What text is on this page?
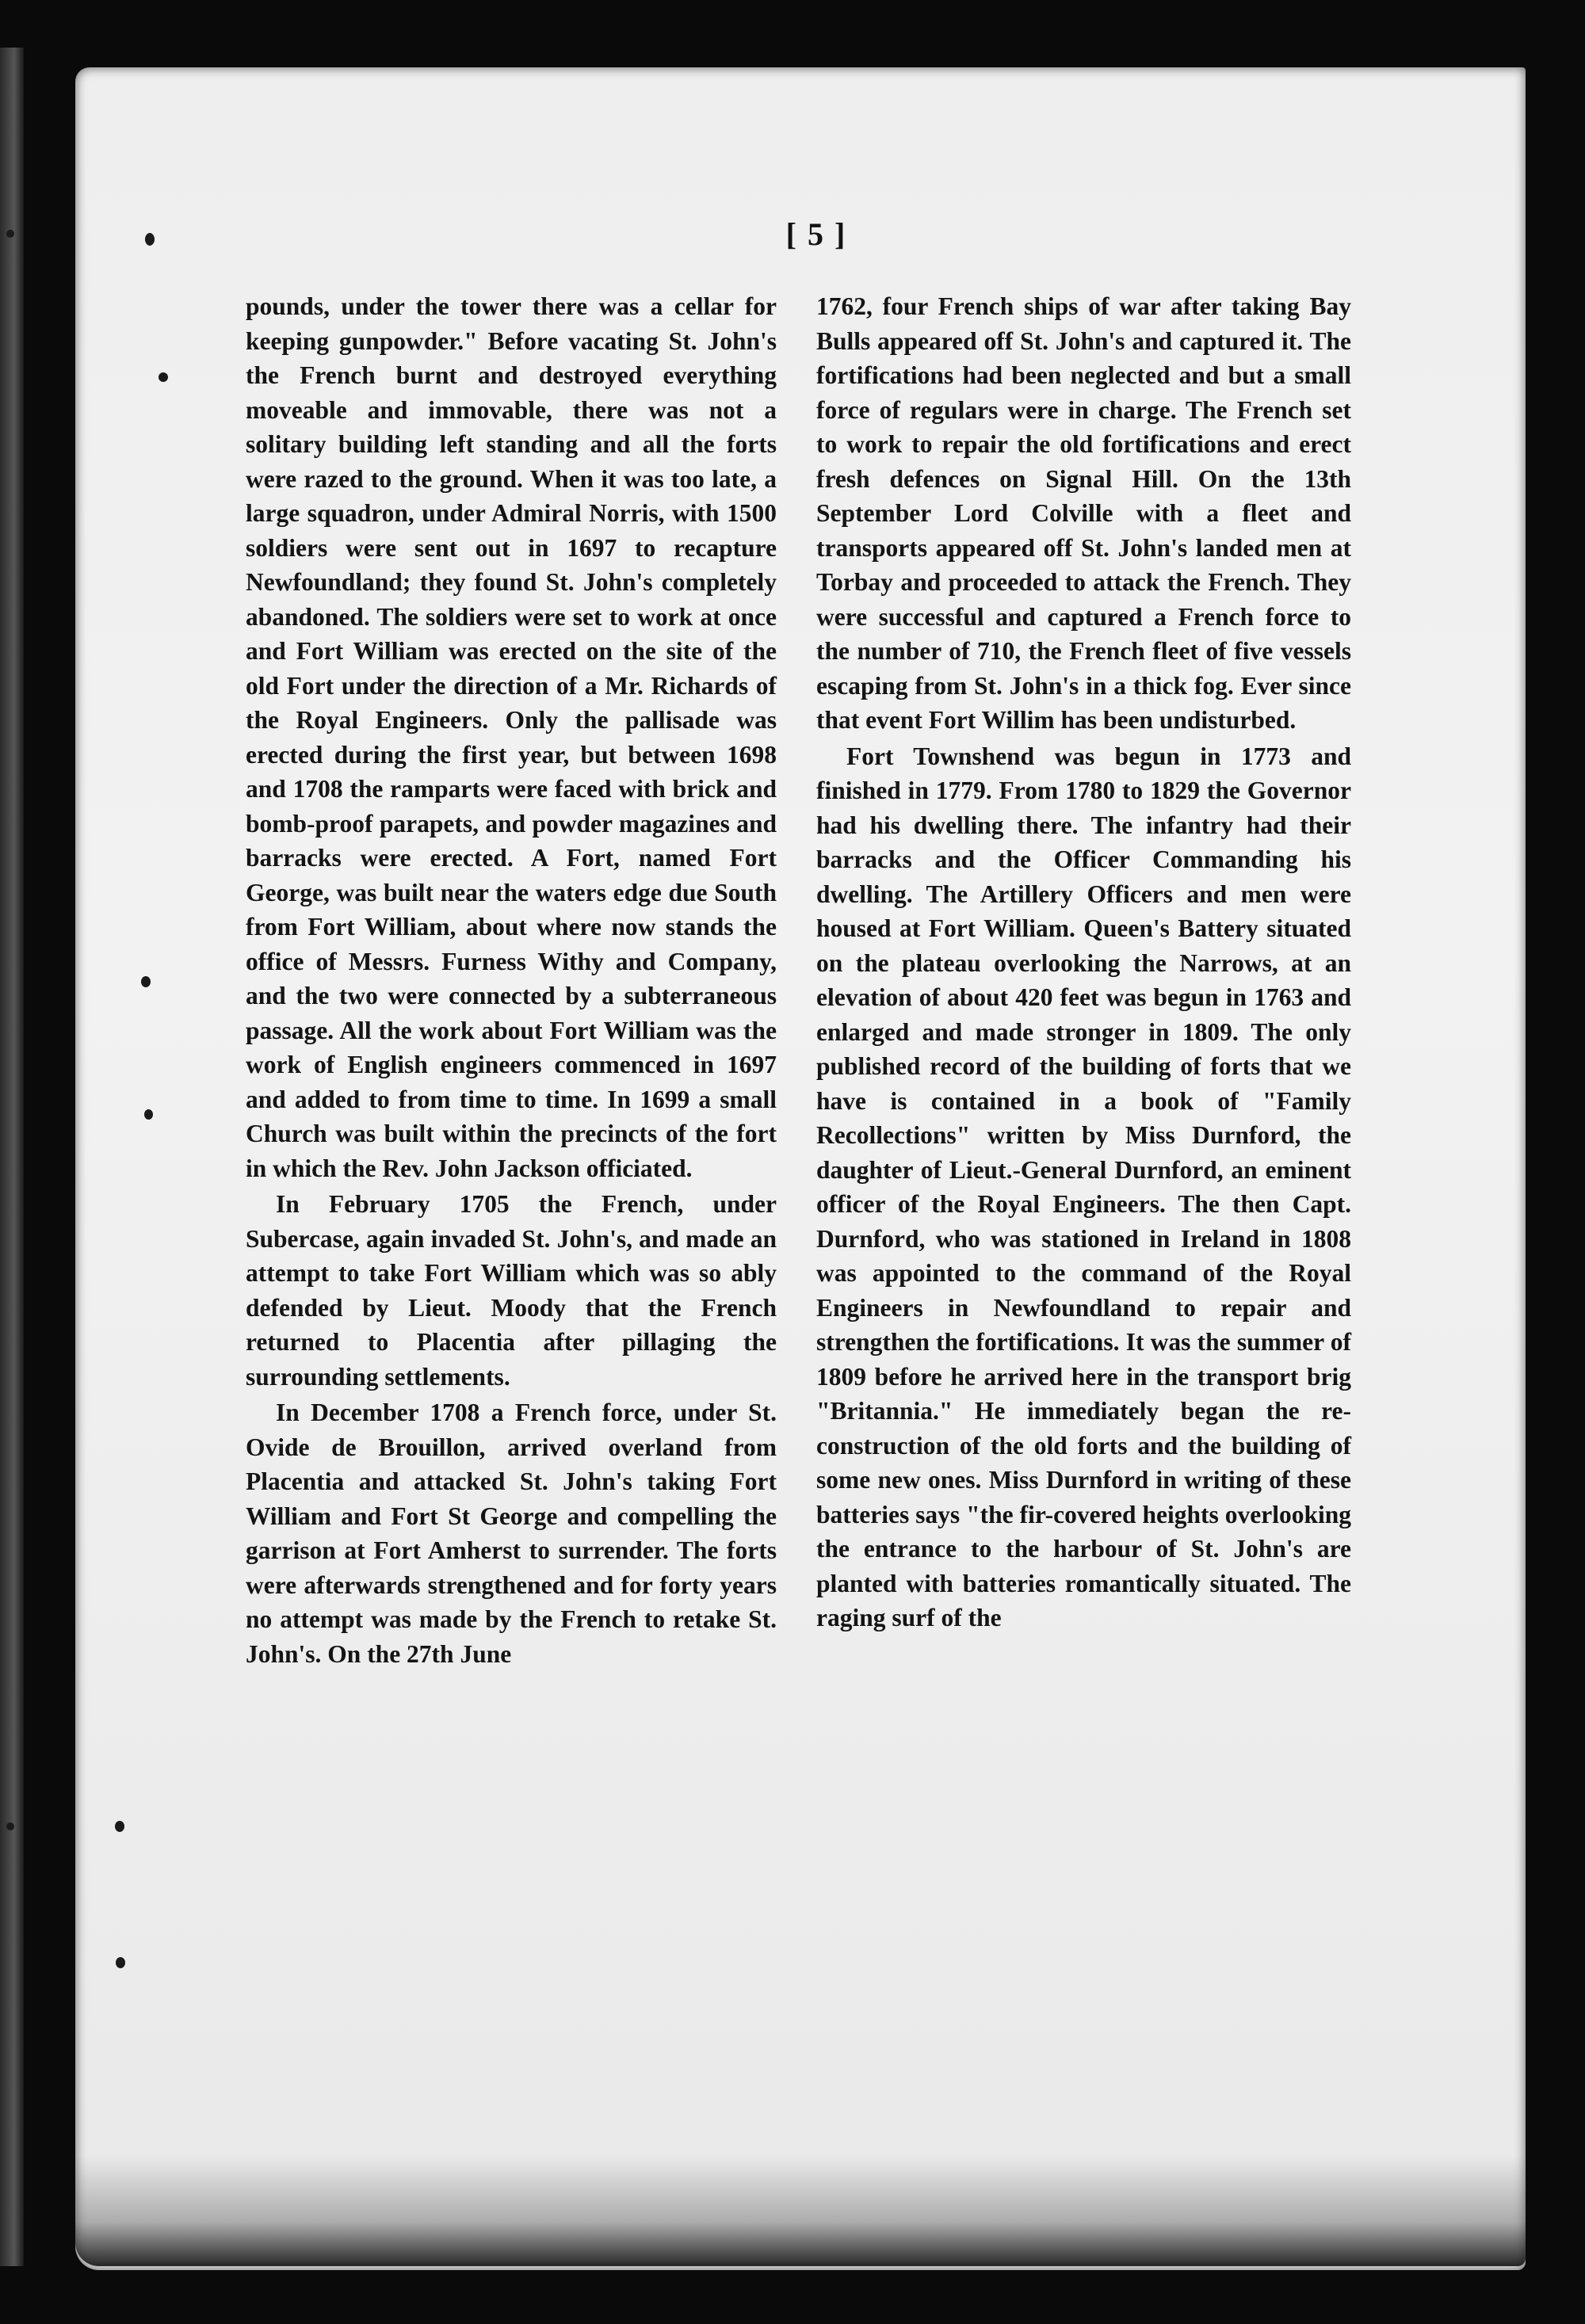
[ 5 ]

pounds, under the tower there was a cellar for keeping gunpowder." Before vacating St. John's the French burnt and destroyed everything moveable and immovable, there was not a solitary building left standing and all the forts were razed to the ground. When it was too late, a large squadron, under Admiral Norris, with 1500 soldiers were sent out in 1697 to recapture Newfoundland; they found St. John's completely abandoned. The soldiers were set to work at once and Fort William was erected on the site of the old Fort under the direction of a Mr. Richards of the Royal Engineers. Only the pallisade was erected during the first year, but between 1698 and 1708 the ramparts were faced with brick and bomb-proof parapets, and powder magazines and barracks were erected. A Fort, named Fort George, was built near the waters edge due South from Fort William, about where now stands the office of Messrs. Furness Withy and Company, and the two were connected by a subterraneous passage. All the work about Fort William was the work of English engineers commenced in 1697 and added to from time to time. In 1699 a small Church was built within the precincts of the fort in which the Rev. John Jackson officiated.

In February 1705 the French, under Subercase, again invaded St. John's, and made an attempt to take Fort William which was so ably defended by Lieut. Moody that the French returned to Placentia after pillaging the surrounding settlements.

In December 1708 a French force, under St. Ovide de Brouillon, arrived overland from Placentia and attacked St. John's taking Fort William and Fort St George and compelling the garrison at Fort Amherst to surrender. The forts were afterwards strengthened and for forty years no attempt was made by the French to retake St. John's. On the 27th June

1762, four French ships of war after taking Bay Bulls appeared off St. John's and captured it. The fortifications had been neglected and but a small force of regulars were in charge. The French set to work to repair the old fortifications and erect fresh defences on Signal Hill. On the 13th September Lord Colville with a fleet and transports appeared off St. John's landed men at Torbay and proceeded to attack the French. They were successful and captured a French force to the number of 710, the French fleet of five vessels escaping from St. John's in a thick fog. Ever since that event Fort Willim has been undisturbed.

Fort Townshend was begun in 1773 and finished in 1779. From 1780 to 1829 the Governor had his dwelling there. The infantry had their barracks and the Officer Commanding his dwelling. The Artillery Officers and men were housed at Fort William. Queen's Battery situated on the plateau overlooking the Narrows, at an elevation of about 420 feet was begun in 1763 and enlarged and made stronger in 1809. The only published record of the building of forts that we have is contained in a book of "Family Recollections" written by Miss Durnford, the daughter of Lieut.-General Durnford, an eminent officer of the Royal Engineers. The then Capt. Durnford, who was stationed in Ireland in 1808 was appointed to the command of the Royal Engineers in Newfoundland to repair and strengthen the fortifications. It was the summer of 1809 before he arrived here in the transport brig "Britannia." He immediately began the re-construction of the old forts and the building of some new ones. Miss Durnford in writing of these batteries says "the fir-covered heights overlooking the entrance to the harbour of St. John's are planted with batteries romantically situated. The raging surf of the
